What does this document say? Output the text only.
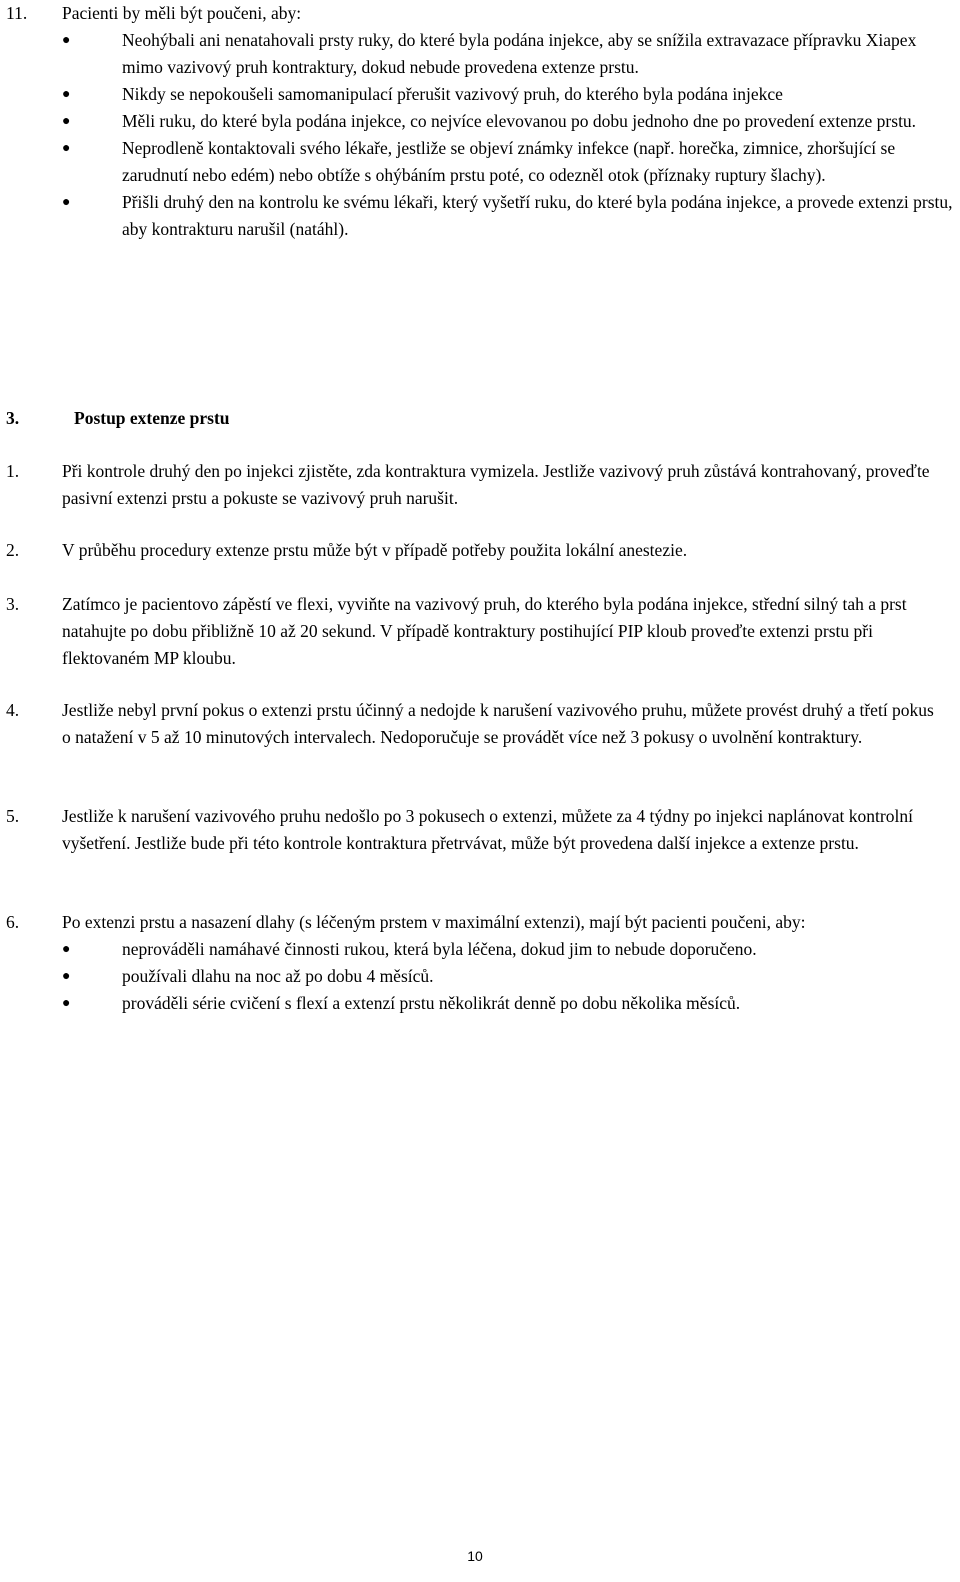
11.	Pacienti by měli být poučeni, aby:
●	Neohýbali ani nenatahovali prsty ruky, do které byla podána injekce, aby se snížila extravazace přípravku Xiapex mimo vazivový pruh kontraktury, dokud nebude provedena extenze prstu.
●	Nikdy se nepokoušeli samomanipulací přerušit vazivový pruh, do kterého byla podána injekce
●	Měli ruku, do které byla podána injekce, co nejvíce elevovanou po dobu jednoho dne po provedení extenze prstu.
●	Neprodleně kontaktovali svého lékaře, jestliže se objeví známky infekce (např. horečka, zimnice, zhoršující se zarudnutí nebo edém) nebo obtíže s ohýbáním prstu poté, co odezněl otok (příznaky ruptury šlachy).
●	Přišli druhý den na kontrolu ke svému lékaři, který vyšetří ruku, do které byla podána injekce, a provede extenzi prstu, aby kontrakturu narušil (natáhl).
3.	Postup extenze prstu
1.	Při kontrole druhý den po injekci zjistěte, zda kontraktura vymizela. Jestliže vazivový pruh zůstává kontrahovaný, proveďte pasivní extenzi prstu a pokuste se vazivový pruh narušit.
2.	V průběhu procedury extenze prstu může být v případě potřeby použita lokální anestezie.
3.	Zatímco je pacientovo zápěstí ve flexi, vyviňte na vazivový pruh, do kterého byla podána injekce, střední silný tah a prst natahujte po dobu přibližně 10 až 20 sekund. V případě kontraktury postihující PIP kloub proveďte extenzi prstu při flektovaném MP kloubu.
4.	Jestliže nebyl první pokus o extenzi prstu účinný a nedojde k narušení vazivového pruhu, můžete provést druhý a třetí pokus o natažení v 5 až 10 minutových intervalech. Nedoporučuje se provádět více než 3 pokusy o uvolnění kontraktury.
5.	Jestliže k narušení vazivového pruhu nedošlo po 3 pokusech o extenzi, můžete za 4 týdny po injekci naplánovat kontrolní vyšetření. Jestliže bude při této kontrole kontraktura přetrvávat, může být provedena další injekce a extenze prstu.
6.	Po extenzi prstu a nasazení dlahy (s léčeným prstem v maximální extenzi), mají být pacienti poučeni, aby:
●	neprováděli namáhavé činnosti rukou, která byla léčena, dokud jim to nebude doporučeno.
●	používali dlahu na noc až po dobu 4 měsíců.
●	prováděli série cvičení s flexí a extenzí prstu několikrát denně po dobu několika měsíců.
10
